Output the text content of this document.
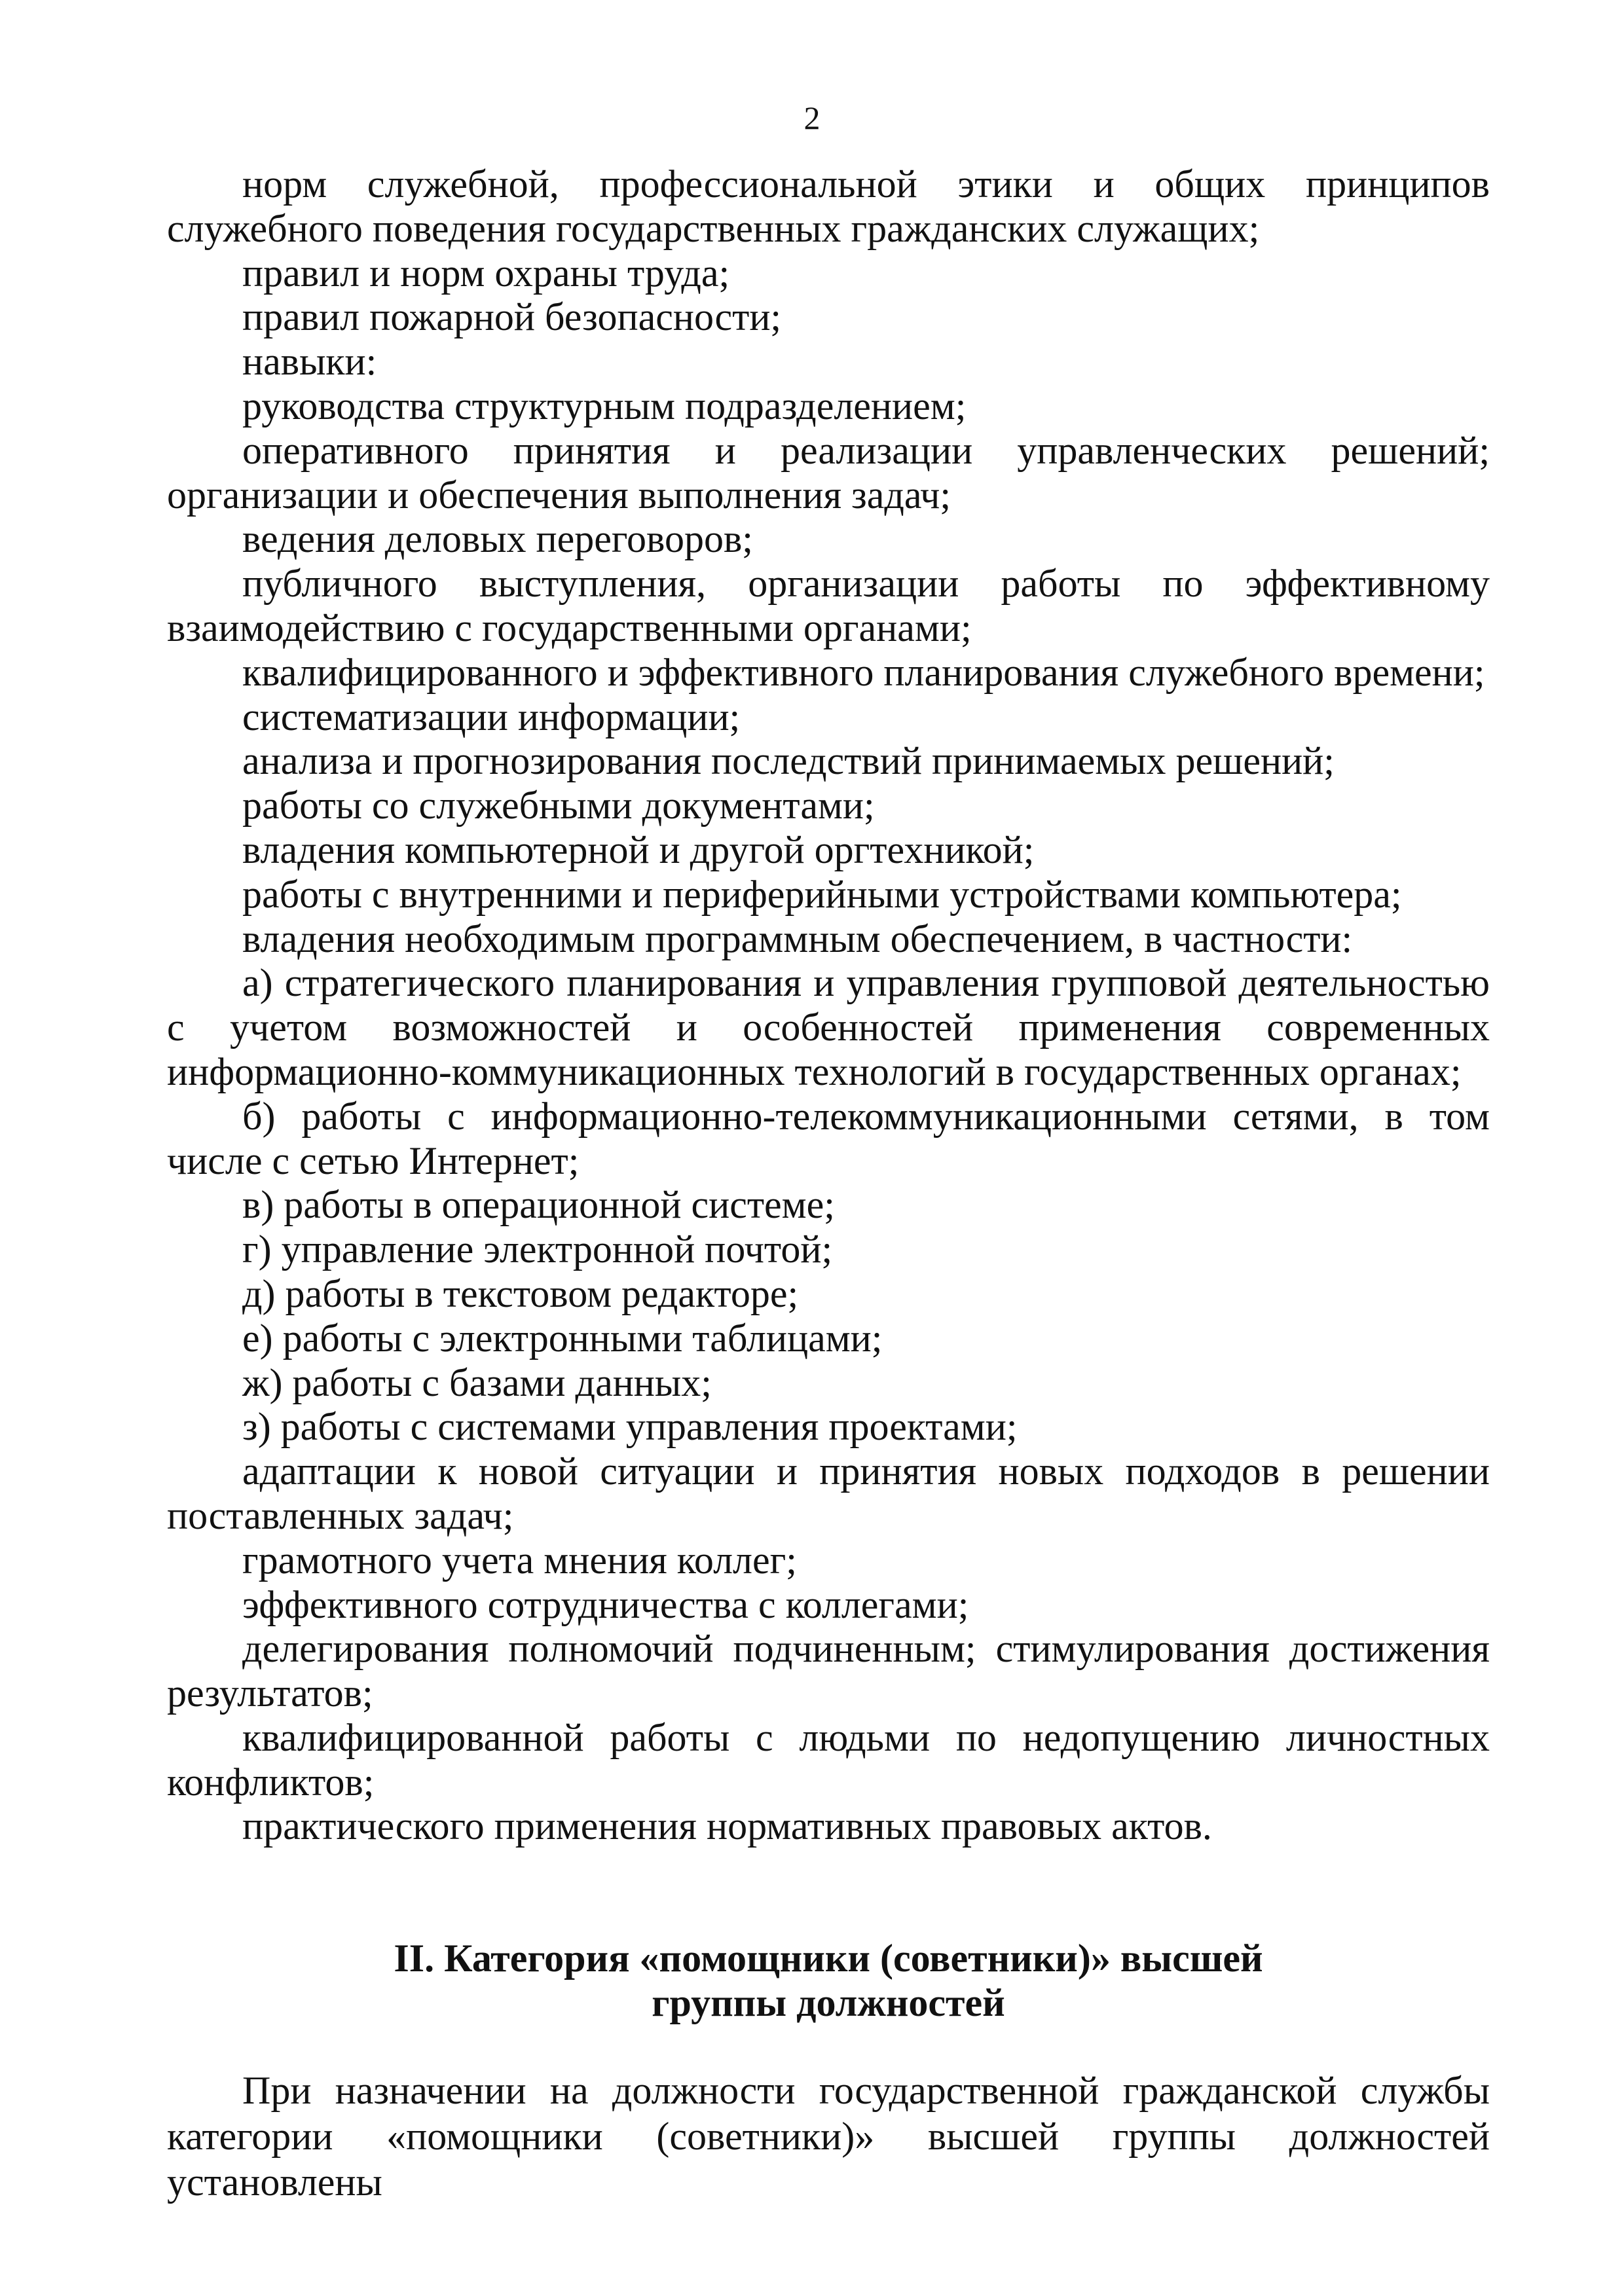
2

норм служебной, профессиональной этики и общих принципов служебного поведения государственных гражданских служащих;

правил и норм охраны труда;

правил пожарной безопасности;

навыки:

руководства структурным подразделением;

оперативного принятия и реализации управленческих решений; организации и обеспечения выполнения задач;

ведения деловых переговоров;

публичного выступления, организации работы по эффективному взаимодействию с государственными органами;

квалифицированного и эффективного планирования служебного времени;

систематизации информации;

анализа и прогнозирования последствий принимаемых решений;

работы со служебными документами;

владения компьютерной и другой оргтехникой;

работы с внутренними и периферийными устройствами компьютера;

владения необходимым программным обеспечением, в частности:

а) стратегического планирования и управления групповой деятельностью с учетом возможностей и особенностей применения современных информационно-коммуникационных технологий в государственных органах;

б) работы с информационно-телекоммуникационными сетями, в том числе с сетью Интернет;

в) работы в операционной системе;

г) управление электронной почтой;

д) работы в текстовом редакторе;

е) работы с электронными таблицами;

ж) работы с базами данных;

з) работы с системами управления проектами;

адаптации к новой ситуации и принятия новых подходов в решении поставленных задач;

грамотного учета мнения коллег;

эффективного сотрудничества с коллегами;

делегирования полномочий подчиненным; стимулирования достижения результатов;

квалифицированной работы с людьми по недопущению личностных конфликтов;

практического применения нормативных правовых актов.

II. Категория «помощники (советники)» высшей
группы должностей

При назначении на должности государственной гражданской службы категории «помощники (советники)» высшей группы должностей установлены
